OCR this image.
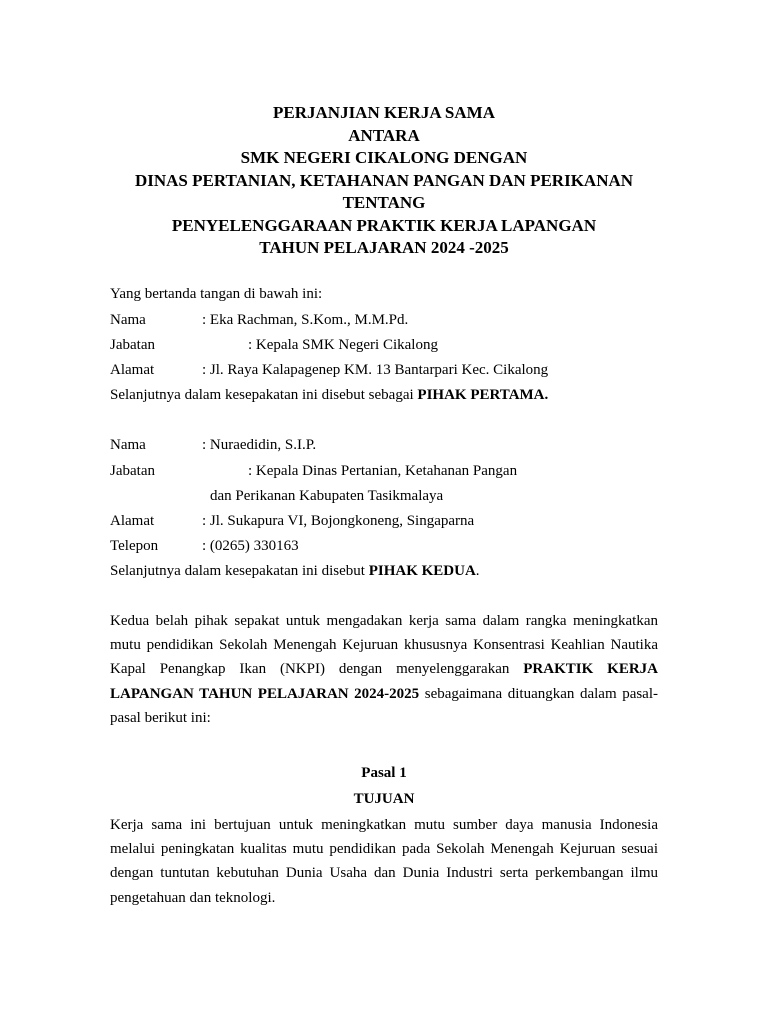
PERJANJIAN KERJA SAMA
ANTARA
SMK NEGERI CIKALONG DENGAN
DINAS PERTANIAN, KETAHANAN PANGAN DAN PERIKANAN
TENTANG
PENYELENGGARAAN PRAKTIK KERJA LAPANGAN
TAHUN PELAJARAN 2024 -2025
Yang bertanda tangan di bawah ini:
Nama	: Eka Rachman, S.Kom., M.M.Pd.
Jabatan	: Kepala SMK Negeri Cikalong
Alamat	: Jl. Raya Kalapagenep KM. 13 Bantarpari Kec. Cikalong
Selanjutnya dalam kesepakatan ini disebut sebagai PIHAK PERTAMA.
Nama	: Nuraedidin, S.I.P.
Jabatan	: Kepala Dinas Pertanian, Ketahanan Pangan
dan Perikanan Kabupaten Tasikmalaya
Alamat	: Jl. Sukapura VI, Bojongkoneng, Singaparna
Telepon	: (0265) 330163
Selanjutnya dalam kesepakatan ini disebut PIHAK KEDUA.
Kedua belah pihak sepakat untuk mengadakan kerja sama dalam rangka meningkatkan mutu pendidikan Sekolah Menengah Kejuruan khususnya Konsentrasi Keahlian Nautika Kapal Penangkap Ikan (NKPI) dengan menyelenggarakan PRAKTIK KERJA LAPANGAN TAHUN PELAJARAN 2024-2025 sebagaimana dituangkan dalam pasal-pasal berikut ini:
Pasal 1
TUJUAN
Kerja sama ini bertujuan untuk meningkatkan mutu sumber daya manusia Indonesia melalui peningkatan kualitas mutu pendidikan pada Sekolah Menengah Kejuruan sesuai dengan tuntutan kebutuhan Dunia Usaha dan Dunia Industri serta perkembangan ilmu pengetahuan dan teknologi.
